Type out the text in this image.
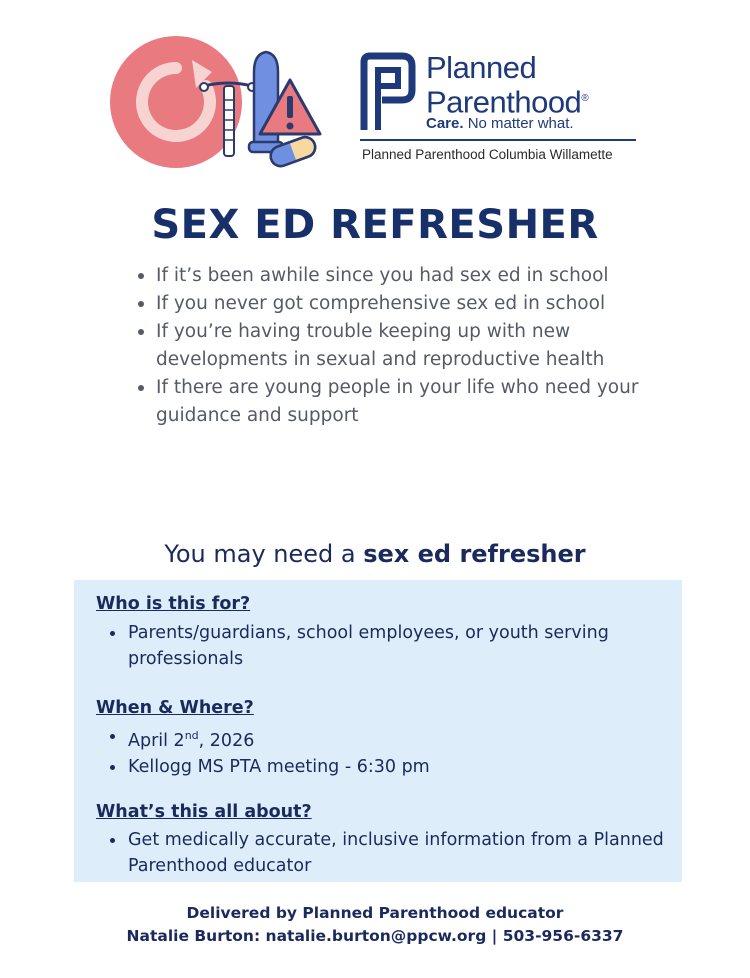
Planned
Parenthood®
Care. No matter what.
Planned Parenthood Columbia Willamette
SEX ED REFRESHER
If it’s been awhile since you had sex ed in school
If you never got comprehensive sex ed in school
If you’re having trouble keeping up with new developments in sexual and reproductive health
If there are young people in your life who need your guidance and support
You may need a sex ed refresher
Who is this for?
Parents/guardians, school employees, or youth serving professionals
When & Where?
April 2nd, 2026
Kellogg MS PTA meeting - 6:30 pm
What’s this all about?
Get medically accurate, inclusive information from a Planned Parenthood educator
Delivered by Planned Parenthood educator
Natalie Burton: natalie.burton@ppcw.org | 503-956-6337
